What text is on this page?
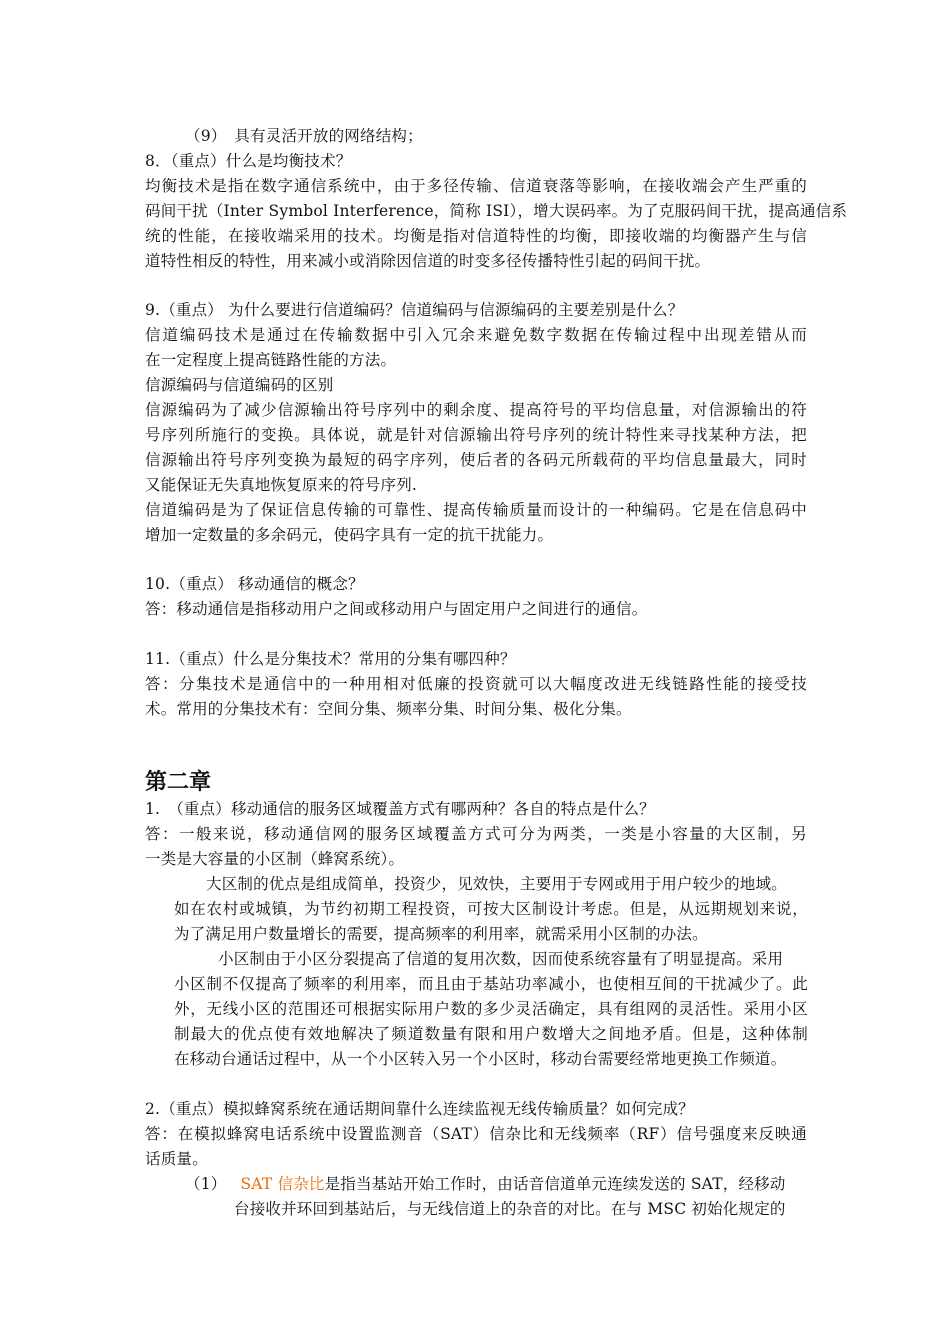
（9）　具有灵活开放的网络结构；
8．（重点）什么是均衡技术？
均衡技术是指在数字通信系统中，由于多径传输、信道衰落等影响，在接收端会产生严重的
码间干扰（Inter Symbol Interference，简称 ISI），增大误码率。为了克服码间干扰，提高通信系
统的性能，在接收端采用的技术。均衡是指对信道特性的均衡，即接收端的均衡器产生与信
道特性相反的特性，用来减小或消除因信道的时变多径传播特性引起的码间干扰。
9.（重点） 为什么要进行信道编码？信道编码与信源编码的主要差别是什么？
信道编码技术是通过在传输数据中引入冗余来避免数字数据在传输过程中出现差错从而
在一定程度上提高链路性能的方法。
信源编码与信道编码的区别
信源编码为了减少信源输出符号序列中的剩余度、提高符号的平均信息量，对信源输出的符
号序列所施行的变换。具体说，就是针对信源输出符号序列的统计特性来寻找某种方法，把
信源输出符号序列变换为最短的码字序列，使后者的各码元所载荷的平均信息量最大，同时
又能保证无失真地恢复原来的符号序列.
信道编码是为了保证信息传输的可靠性、提高传输质量而设计的一种编码。它是在信息码中
增加一定数量的多余码元，使码字具有一定的抗干扰能力。
10.（重点） 移动通信的概念？
答：移动通信是指移动用户之间或移动用户与固定用户之间进行的通信。
11.（重点）什么是分集技术？常用的分集有哪四种？
答：分集技术是通信中的一种用相对低廉的投资就可以大幅度改进无线链路性能的接受技
术。常用的分集技术有：空间分集、频率分集、时间分集、极化分集。
第二章
1.　（重点）移动通信的服务区域覆盖方式有哪两种？各自的特点是什么？
答：一般来说，移动通信网的服务区域覆盖方式可分为两类，一类是小容量的大区制，另
一类是大容量的小区制（蜂窝系统）。
大区制的优点是组成简单，投资少，见效快，主要用于专网或用于用户较少的地域。
如在农村或城镇，为节约初期工程投资，可按大区制设计考虑。但是，从远期规划来说，
为了满足用户数量增长的需要，提高频率的利用率，就需采用小区制的办法。
小区制由于小区分裂提高了信道的复用次数，因而使系统容量有了明显提高。采用
小区制不仅提高了频率的利用率，而且由于基站功率减小，也使相互间的干扰减少了。此
外，无线小区的范围还可根据实际用户数的多少灵活确定，具有组网的灵活性。采用小区
制最大的优点使有效地解决了频道数量有限和用户数增大之间地矛盾。但是，这种体制
在移动台通话过程中，从一个小区转入另一个小区时，移动台需要经常地更换工作频道。
2.（重点）模拟蜂窝系统在通话期间靠什么连续监视无线传输质量？如何完成？
答：在模拟蜂窝电话系统中设置监测音（SAT）信杂比和无线频率（RF）信号强度来反映通
话质量。
（1） SAT 信杂比是指当基站开始工作时，由话音信道单元连续发送的 SAT，经移动
台接收并环回到基站后，与无线信道上的杂音的对比。在与 MSC 初始化规定的
